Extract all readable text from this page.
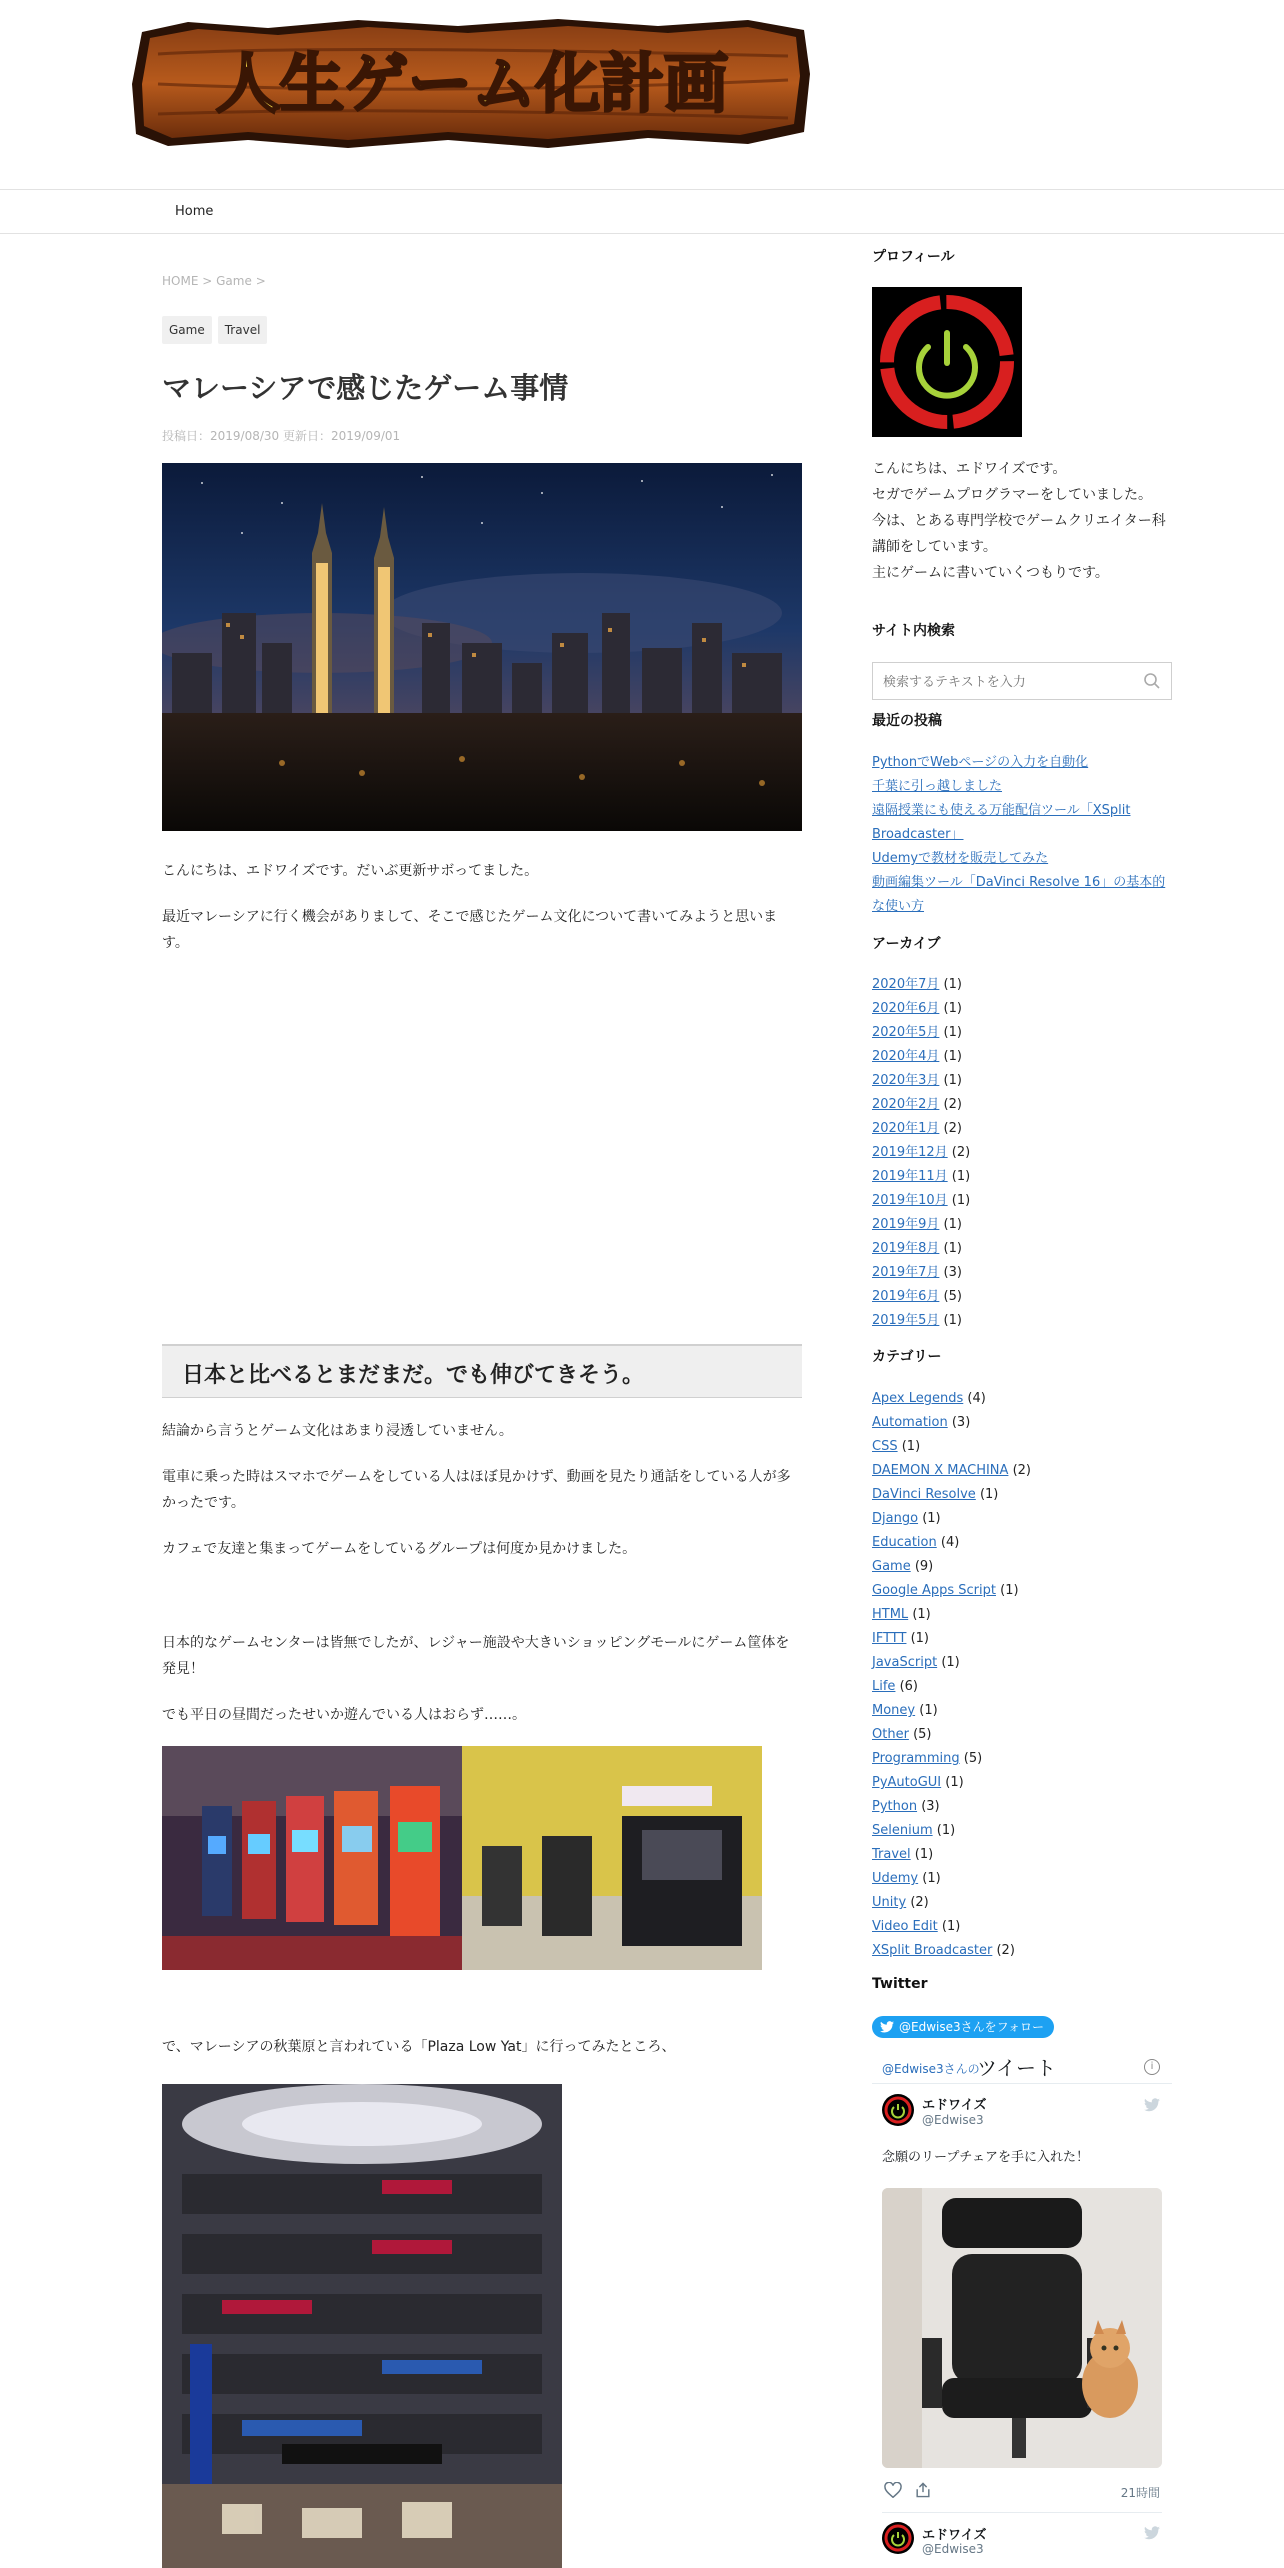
人生ゲーム化計画
Home
HOME > Game >
Game	Travel
マレーシアで感じたゲーム事情
投稿日：2019/08/30 更新日：2019/09/01

こんにちは、エドワイズです。だいぶ更新サボってました。

最近マレーシアに行く機会がありまして、そこで感じたゲーム文化について書いてみようと思います。

日本と比べるとまだまだ。でも伸びてきそう。

結論から言うとゲーム文化はあまり浸透していません。

電車に乗った時はスマホでゲームをしている人はほぼ見かけず、動画を見たり通話をしている人が多かったです。

カフェで友達と集まってゲームをしているグループは何度か見かけました。

日本的なゲームセンターは皆無でしたが、レジャー施設や大きいショッピングモールにゲーム筐体を発見！

でも平日の昼間だったせいか遊んでいる人はおらず……。

で、マレーシアの秋葉原と言われている「Plaza Low Yat」に行ってみたところ、

プロフィール
こんにちは、エドワイズです。
セガでゲームプログラマーをしていました。
今は、とある専門学校でゲームクリエイター科講師をしています。
主にゲームに書いていくつもりです。
サイト内検索
検索するテキストを入力
最近の投稿
PythonでWebページの入力を自動化
千葉に引っ越しました
遠隔授業にも使える万能配信ツール「XSplit Broadcaster」
Udemyで教材を販売してみた
動画編集ツール「DaVinci Resolve 16」の基本的な使い方
アーカイブ
2020年7月 (1)
2020年6月 (1)
2020年5月 (1)
2020年4月 (1)
2020年3月 (1)
2020年2月 (2)
2020年1月 (2)
2019年12月 (2)
2019年11月 (1)
2019年10月 (1)
2019年9月 (1)
2019年8月 (1)
2019年7月 (3)
2019年6月 (5)
2019年5月 (1)
カテゴリー
Apex Legends (4)
Automation (3)
CSS (1)
DAEMON X MACHINA (2)
DaVinci Resolve (1)
Django (1)
Education (4)
Game (9)
Google Apps Script (1)
HTML (1)
IFTTT (1)
JavaScript (1)
Life (6)
Money (1)
Other (5)
Programming (5)
PyAutoGUI (1)
Python (3)
Selenium (1)
Travel (1)
Udemy (1)
Unity (2)
Video Edit (1)
XSplit Broadcaster (2)
Twitter
@Edwise3さんをフォロー
@Edwise3さんの
ツイート	i
エドワイズ
@Edwise3
念願のリープチェアを手に入れた！
21時間
エドワイズ
@Edwise3
